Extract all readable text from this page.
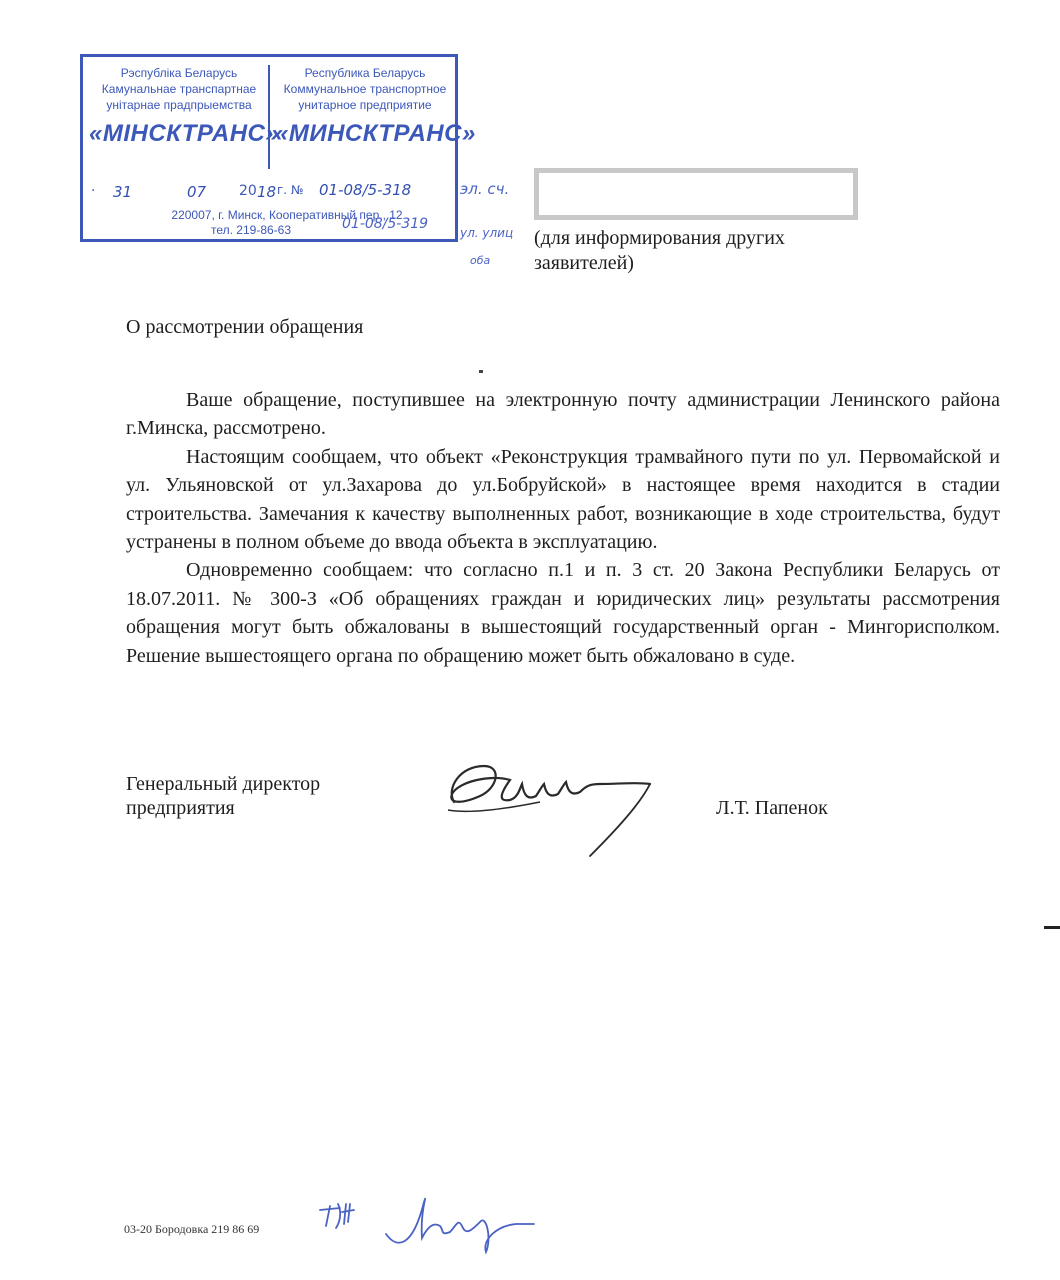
Рэспубліка Беларусь
Камунальнае транспартнае унітарнае прадпрыемства
«МІНСКТРАНС»
Республика Беларусь
Коммунальное транспортное унитарное предприятие
«МИНСКТРАНС»
· 31	07 20 18 г. № 01-08/5-318
220007, г. Минск, Кооперативный пер., 12
тел. 219-86-63
эл. сч.
01-08/5-319
ул. улиц
оба
(для информирования других заявителей)
О рассмотрении обращения

Ваше обращение, поступившее на электронную почту администрации Ленинского района г.Минска, рассмотрено.

Настоящим сообщаем, что объект «Реконструкция трамвайного пути по ул. Первомайской и ул. Ульяновской от ул.Захарова до ул.Бобруйской» в настоящее время находится в стадии строительства. Замечания к качеству выполненных работ, возникающие в ходе строительства, будут устранены в полном объеме до ввода объекта в эксплуатацию.

Одновременно сообщаем: что согласно п.1 и п. 3 ст. 20 Закона Республики Беларусь от 18.07.2011. № 300-З «Об обращениях граждан и юридических лиц» результаты рассмотрения обращения могут быть обжалованы в вышестоящий государственный орган - Мингорисполком. Решение вышестоящего органа по обращению может быть обжаловано в суде.

Генеральный директор предприятия	Л.Т. Папенок
03-20 Бородовка 219 86 69
